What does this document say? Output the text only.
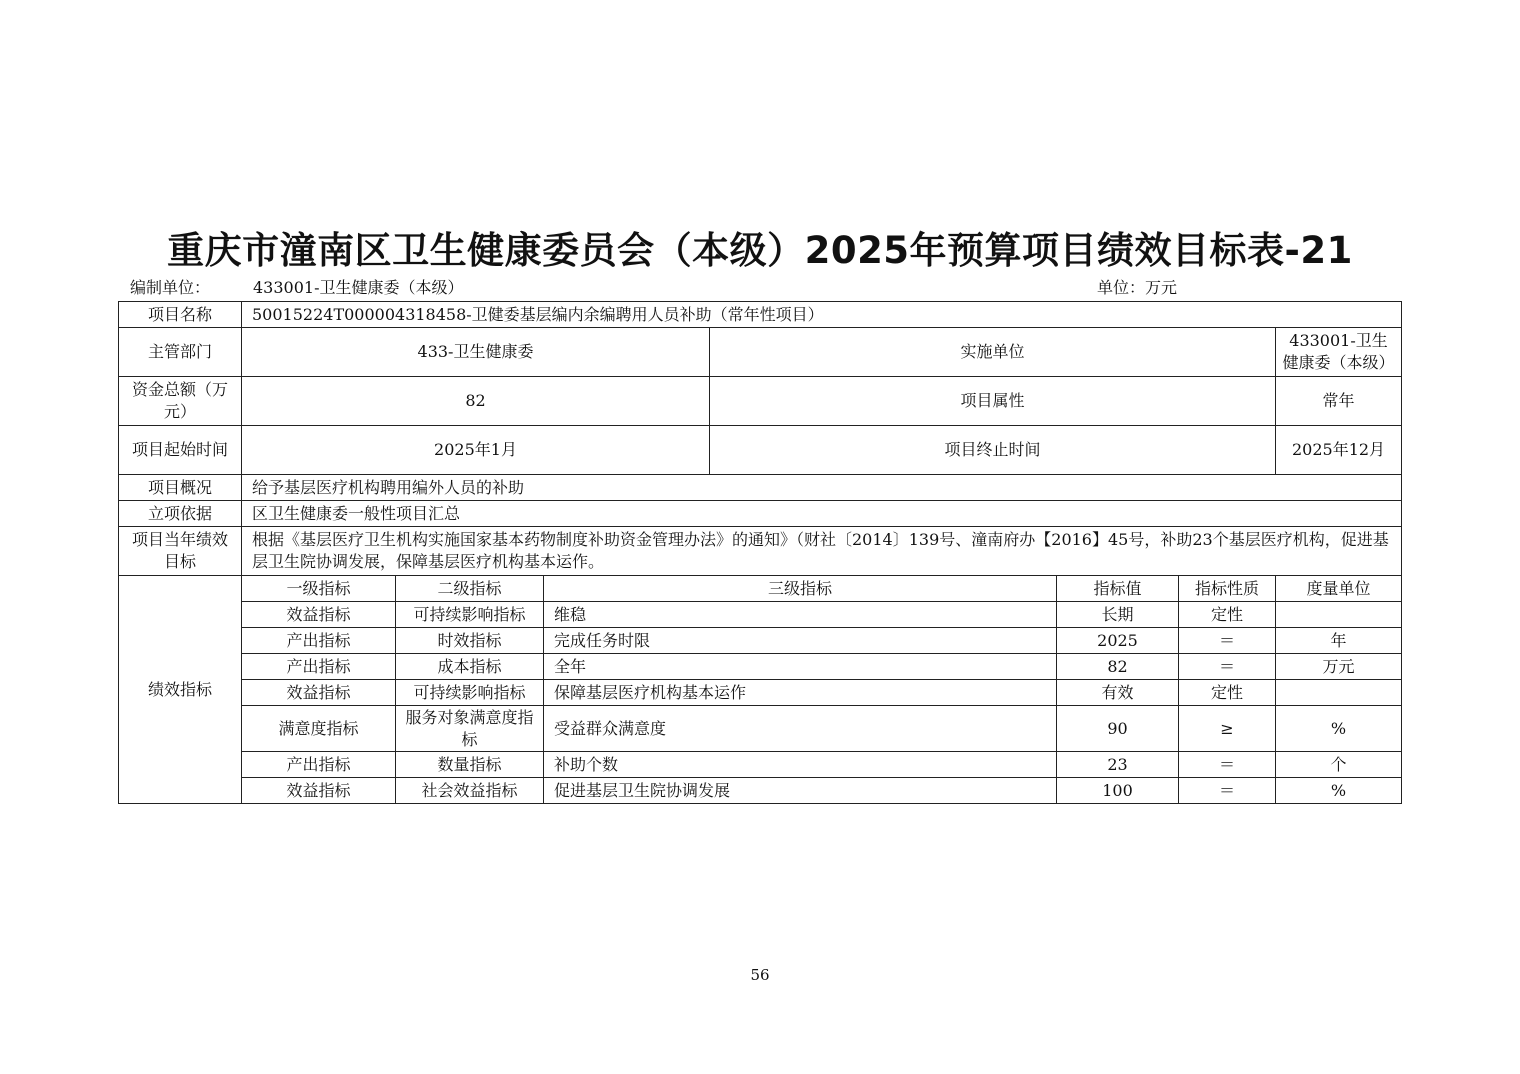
重庆市潼南区卫生健康委员会（本级）2025年预算项目绩效目标表-21
编制单位：	433001-卫生健康委（本级）	单位：万元
项目名称	50015224T000004318458-卫健委基层编内余编聘用人员补助（常年性项目）						
主管部门	433-卫生健康委			实施单位			433001-卫生健康委（本级）
资金总额（万元）	82			项目属性			常年
项目起始时间	2025年1月			项目终止时间			2025年12月
项目概况	给予基层医疗机构聘用编外人员的补助						
立项依据	区卫生健康委一般性项目汇总						
项目当年绩效目标	根据《基层医疗卫生机构实施国家基本药物制度补助资金管理办法》的通知》（财社〔2014〕139号、潼南府办【2016】45号，补助23个基层医疗机构，促进基层卫生院协调发展，保障基层医疗机构基本运作。						
绩效指标	一级指标	二级指标	三级指标		指标值	指标性质	度量单位
	效益指标	可持续影响指标	维稳		长期	定性	
	产出指标	时效指标	完成任务时限		2025	＝	年
	产出指标	成本指标	全年		82	＝	万元
	效益指标	可持续影响指标	保障基层医疗机构基本运作		有效	定性	
	满意度指标	服务对象满意度指标	受益群众满意度		90	≥	%
	产出指标	数量指标	补助个数		23	＝	个
	效益指标	社会效益指标	促进基层卫生院协调发展		100	＝	%
56
